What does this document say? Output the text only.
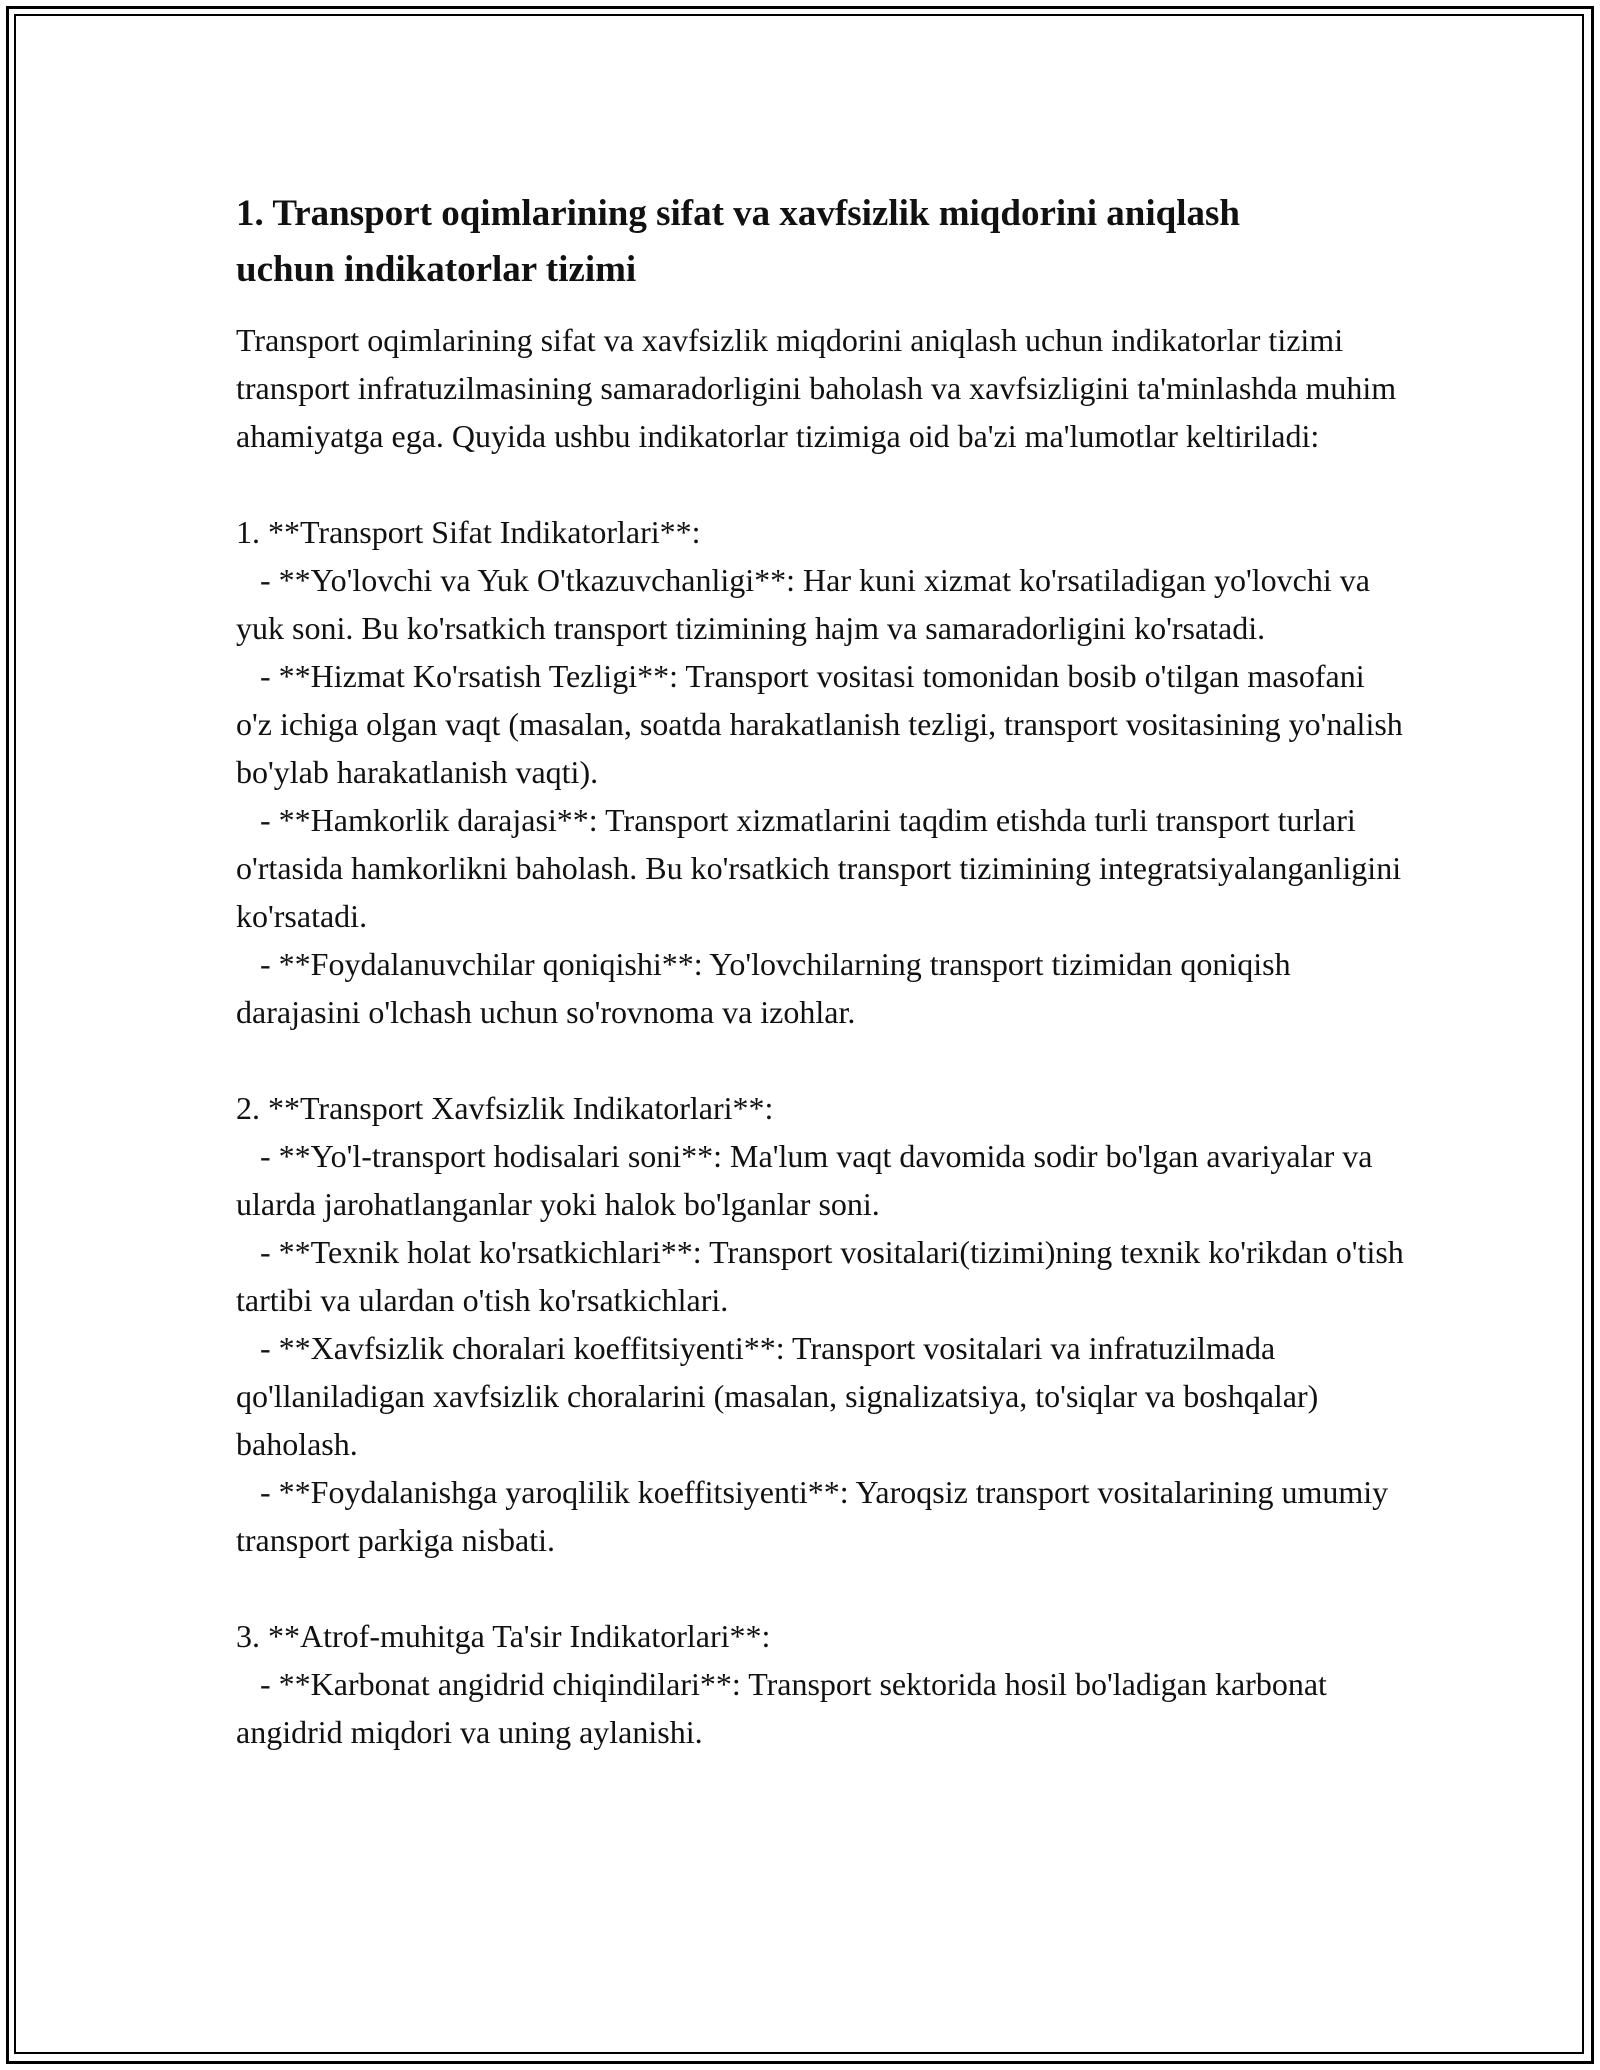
1. Transport oqimlarining sifat va xavfsizlik miqdorini aniqlash uchun indikatorlar tizimi

Transport oqimlarining sifat va xavfsizlik miqdorini aniqlash uchun indikatorlar tizimi transport infratuzilmasining samaradorligini baholash va xavfsizligini ta'minlashda muhim ahamiyatga ega. Quyida ushbu indikatorlar tizimiga oid ba'zi ma'lumotlar keltiriladi:

1. **Transport Sifat Indikatorlari**:
- **Yo'lovchi va Yuk O'tkazuvchanligi**: Har kuni xizmat ko'rsatiladigan yo'lovchi va yuk soni. Bu ko'rsatkich transport tizimining hajm va samaradorligini ko'rsatadi.
- **Hizmat Ko'rsatish Tezligi**: Transport vositasi tomonidan bosib o'tilgan masofani o'z ichiga olgan vaqt (masalan, soatda harakatlanish tezligi, transport vositasining yo'nalish bo'ylab harakatlanish vaqti).
- **Hamkorlik darajasi**: Transport xizmatlarini taqdim etishda turli transport turlari o'rtasida hamkorlikni baholash. Bu ko'rsatkich transport tizimining integratsiyalanganligini ko'rsatadi.
- **Foydalanuvchilar qoniqishi**: Yo'lovchilarning transport tizimidan qoniqish darajasini o'lchash uchun so'rovnoma va izohlar.
2. **Transport Xavfsizlik Indikatorlari**:
- **Yo'l-transport hodisalari soni**: Ma'lum vaqt davomida sodir bo'lgan avariyalar va ularda jarohatlanganlar yoki halok bo'lganlar soni.
- **Texnik holat ko'rsatkichlari**: Transport vositalari(tizimi)ning texnik ko'rikdan o'tish tartibi va ulardan o'tish ko'rsatkichlari.
- **Xavfsizlik choralari koeffitsiyenti**: Transport vositalari va infratuzilmada qo'llaniladigan xavfsizlik choralarini (masalan, signalizatsiya, to'siqlar va boshqalar) baholash.
- **Foydalanishga yaroqlilik koeffitsiyenti**: Yaroqsiz transport vositalarining umumiy transport parkiga nisbati.
3. **Atrof-muhitga Ta'sir Indikatorlari**:
- **Karbonat angidrid chiqindilari**: Transport sektorida hosil bo'ladigan karbonat angidrid miqdori va uning aylanishi.
